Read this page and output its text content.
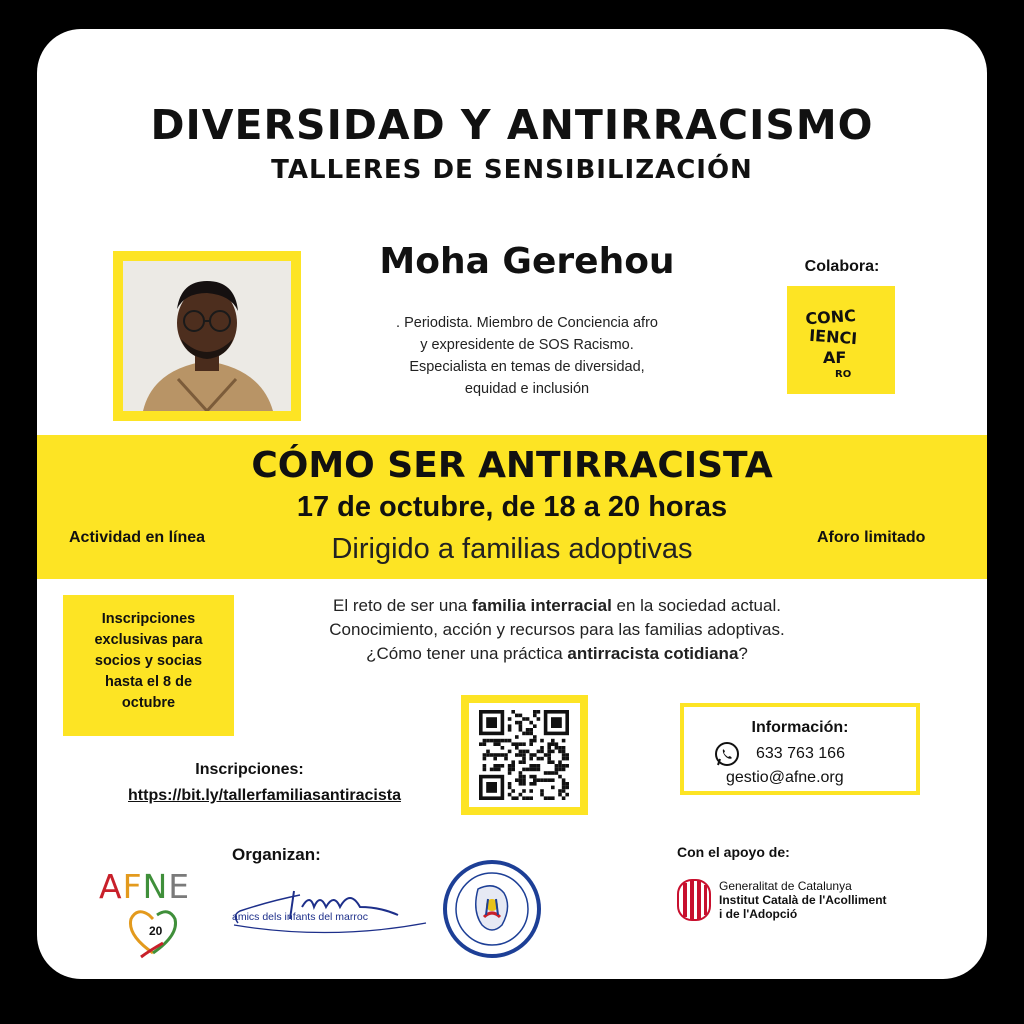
DIVERSIDAD Y ANTIRRACISMO
TALLERES DE SENSIBILIZACIÓN
Moha Gerehou
. Periodista. Miembro de Conciencia afro
y expresidente de SOS Racismo.
Especialista en temas de diversidad,
equidad e inclusión
Colabora:
CONC
IENCI
AF
RO
CÓMO SER ANTIRRACISTA
17 de octubre, de 18 a 20 horas
Dirigido a familias adoptivas
Actividad en línea	Aforo limitado
Inscripciones
exclusivas para
socios y socias
hasta el 8 de
octubre
El reto de ser una familia interracial en la sociedad actual.
Conocimiento, acción y recursos para las familias adoptivas.
¿Cómo tener una práctica antirracista cotidiana?
Información:
633 763 166
gestio@afne.org
Inscripciones:
https://bit.ly/tallerfamiliasantiracista
Organizan:	Con el apoyo de:
AFNE
20
amics dels infants del marroc
Generalitat de Catalunya
Institut Català de l'Acolliment
i de l'Adopció
